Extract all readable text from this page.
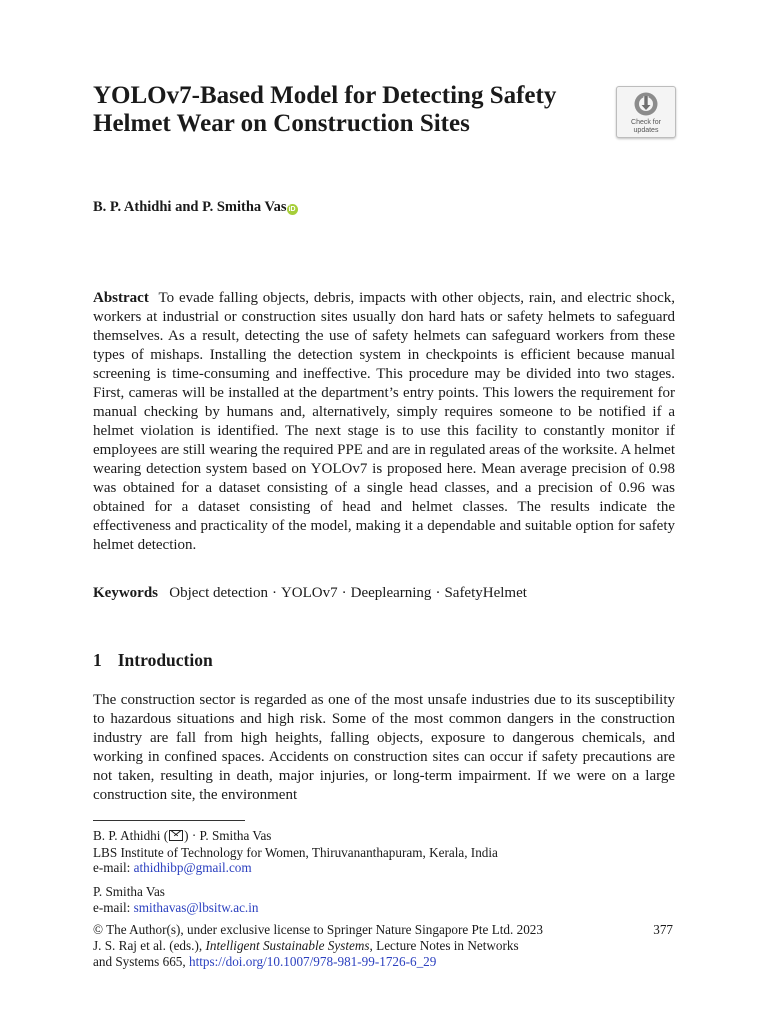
YOLOv7-Based Model for Detecting Safety Helmet Wear on Construction Sites	Check for
updates
B. P. Athidhi and P. Smitha Vas iD

Abstract To evade falling objects, debris, impacts with other objects, rain, and electric shock, workers at industrial or construction sites usually don hard hats or safety helmets to safeguard themselves. As a result, detecting the use of safety helmets can safeguard workers from these types of mishaps. Installing the detection system in checkpoints is efficient because manual screening is time-consuming and ineffective. This procedure may be divided into two stages. First, cameras will be installed at the department’s entry points. This lowers the requirement for manual checking by humans and, alternatively, simply requires someone to be notified if a helmet violation is identified. The next stage is to use this facility to constantly monitor if employees are still wearing the required PPE and are in regulated areas of the worksite. A helmet wearing detection system based on YOLOv7 is proposed here. Mean average precision of 0.98 was obtained for a dataset consisting of a single head classes, and a precision of 0.96 was obtained for a dataset consisting of head and helmet classes. The results indicate the effectiveness and practicality of the model, making it a dependable and suitable option for safety helmet detection.

Keywords Object detection · YOLOv7 · Deeplearning · SafetyHelmet
1 Introduction

The construction sector is regarded as one of the most unsafe industries due to its susceptibility to hazardous situations and high risk. Some of the most common dangers in the construction industry are fall from high heights, falling objects, exposure to dangerous chemicals, and working in confined spaces. Accidents on construction sites can occur if safety precautions are not taken, resulting in death, major injuries, or long-term impairment. If we were on a large construction site, the environment

B. P. Athidhi ( ) · P. Smitha Vas
LBS Institute of Technology for Women, Thiruvananthapuram, Kerala, India
e-mail: athidhibp@gmail.com
P. Smitha Vas
e-mail: smithavas@lbsitw.ac.in
© The Author(s), under exclusive license to Springer Nature Singapore Pte Ltd. 2023	377
J. S. Raj et al. (eds.), Intelligent Sustainable Systems, Lecture Notes in Networks
and Systems 665, https://doi.org/10.1007/978-981-99-1726-6_29
